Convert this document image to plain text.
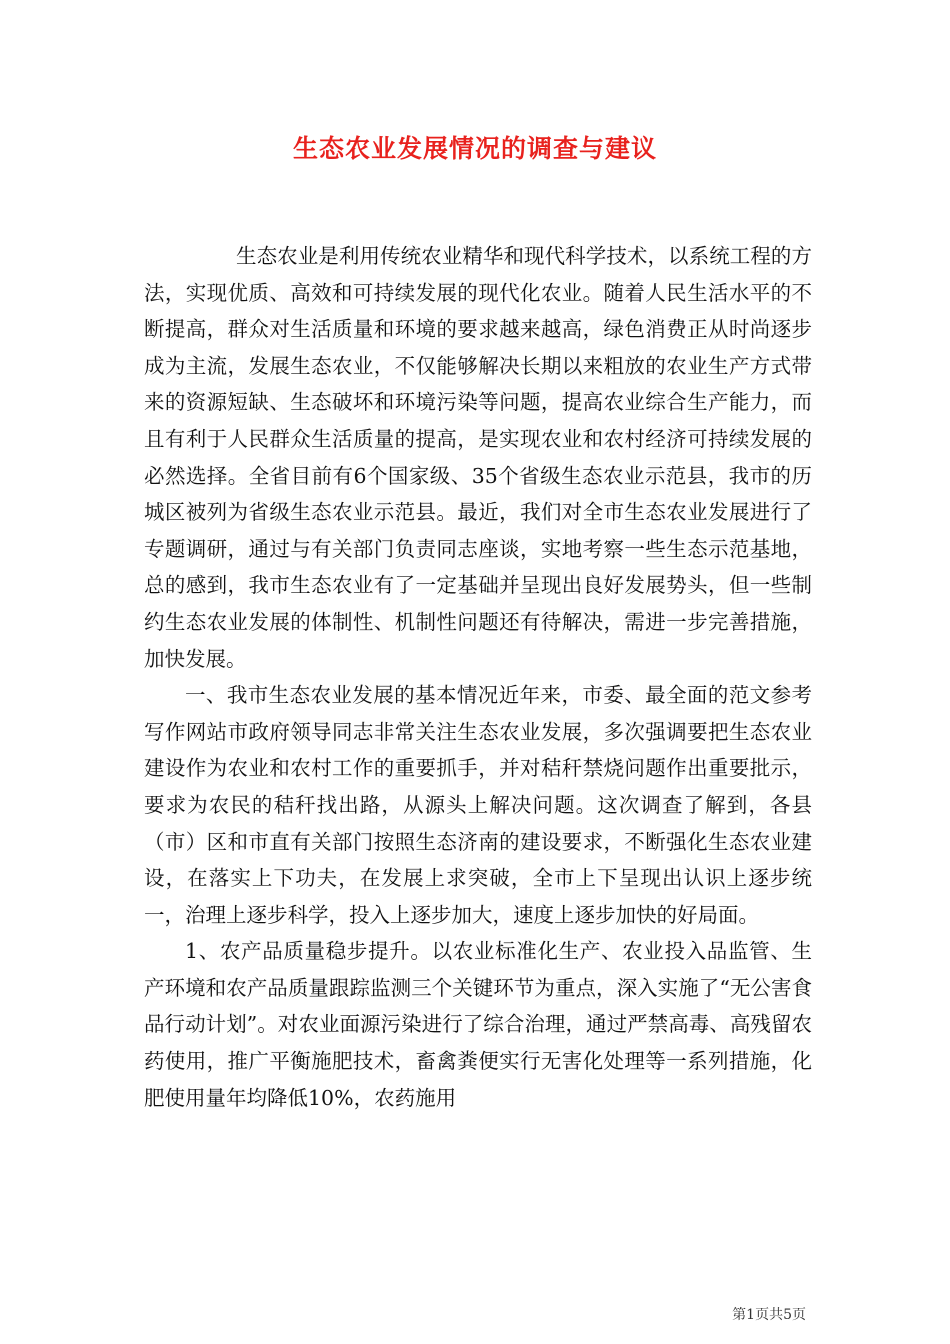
生态农业发展情况的调查与建议

生态农业是利用传统农业精华和现代科学技术，以系统工程的方法，实现优质、高效和可持续发展的现代化农业。随着人民生活水平的不断提高，群众对生活质量和环境的要求越来越高，绿色消费正从时尚逐步成为主流，发展生态农业，不仅能够解决长期以来粗放的农业生产方式带来的资源短缺、生态破坏和环境污染等问题，提高农业综合生产能力，而且有利于人民群众生活质量的提高，是实现农业和农村经济可持续发展的必然选择。全省目前有6个国家级、35个省级生态农业示范县，我市的历城区被列为省级生态农业示范县。最近，我们对全市生态农业发展进行了专题调研，通过与有关部门负责同志座谈，实地考察一些生态示范基地，总的感到，我市生态农业有了一定基础并呈现出良好发展势头，但一些制约生态农业发展的体制性、机制性问题还有待解决，需进一步完善措施，加快发展。

一、我市生态农业发展的基本情况近年来，市委、最全面的范文参考写作网站市政府领导同志非常关注生态农业发展，多次强调要把生态农业建设作为农业和农村工作的重要抓手，并对秸秆禁烧问题作出重要批示，要求为农民的秸秆找出路，从源头上解决问题。这次调查了解到，各县（市）区和市直有关部门按照生态济南的建设要求，不断强化生态农业建设，在落实上下功夫，在发展上求突破，全市上下呈现出认识上逐步统一，治理上逐步科学，投入上逐步加大，速度上逐步加快的好局面。

1、农产品质量稳步提升。以农业标准化生产、农业投入品监管、生产环境和农产品质量跟踪监测三个关键环节为重点，深入实施了“无公害食品行动计划”。对农业面源污染进行了综合治理，通过严禁高毒、高残留农药使用，推广平衡施肥技术，畜禽粪便实行无害化处理等一系列措施，化肥使用量年均降低10%，农药施用

第1页共5页
